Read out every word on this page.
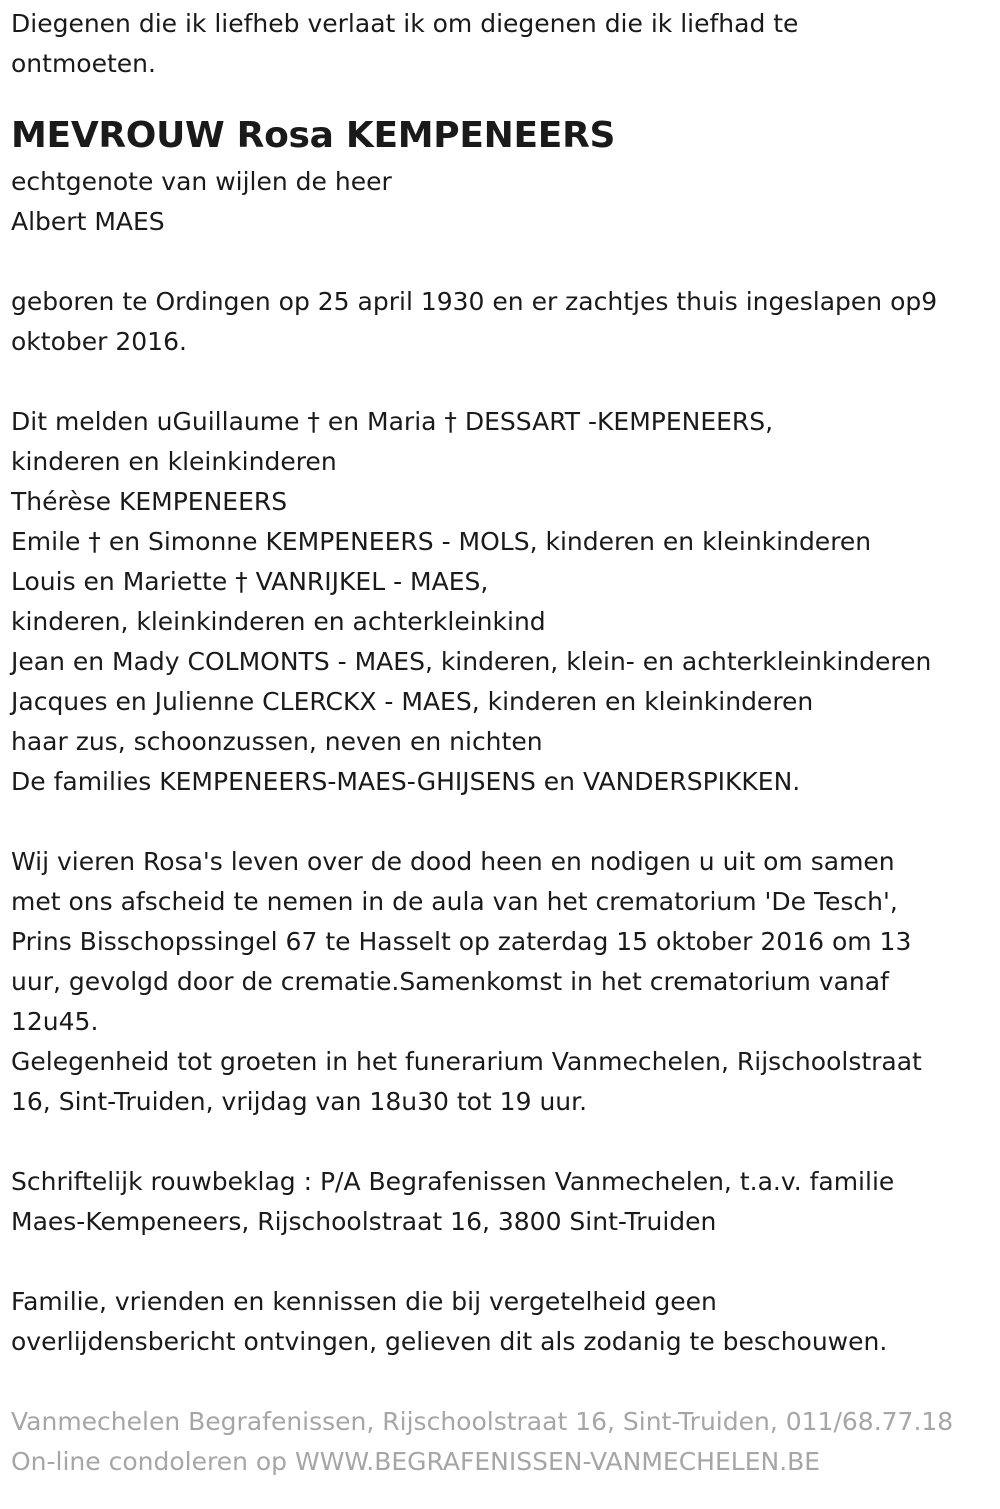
Diegenen die ik liefheb verlaat ik om diegenen die ik liefhad te
ontmoeten.
MEVROUW Rosa KEMPENEERS
echtgenote van wijlen de heer
Albert MAES
geboren te Ordingen op 25 april 1930 en er zachtjes thuis ingeslapen op9
oktober 2016.
Dit melden uGuillaume † en Maria † DESSART -KEMPENEERS,
kinderen en kleinkinderen
Thérèse KEMPENEERS
Emile † en Simonne KEMPENEERS - MOLS, kinderen en kleinkinderen
Louis en Mariette † VANRIJKEL - MAES,
kinderen, kleinkinderen en achterkleinkind
Jean en Mady COLMONTS - MAES, kinderen, klein- en achterkleinkinderen
Jacques en Julienne CLERCKX - MAES, kinderen en kleinkinderen
haar zus, schoonzussen, neven en nichten
De families KEMPENEERS-MAES-GHIJSENS en VANDERSPIKKEN.
Wij vieren Rosa's leven over de dood heen en nodigen u uit om samen
met ons afscheid te nemen in de aula van het crematorium 'De Tesch',
Prins Bisschopssingel 67 te Hasselt op zaterdag 15 oktober 2016 om 13
uur, gevolgd door de crematie.Samenkomst in het crematorium vanaf
12u45.
Gelegenheid tot groeten in het funerarium Vanmechelen, Rijschoolstraat
16, Sint-Truiden, vrijdag van 18u30 tot 19 uur.
Schriftelijk rouwbeklag : P/A Begrafenissen Vanmechelen, t.a.v. familie
Maes-Kempeneers, Rijschoolstraat 16, 3800 Sint-Truiden
Familie, vrienden en kennissen die bij vergetelheid geen
overlijdensbericht ontvingen, gelieven dit als zodanig te beschouwen.
Vanmechelen Begrafenissen, Rijschoolstraat 16, Sint-Truiden, 011/68.77.18
On-line condoleren op WWW.BEGRAFENISSEN-VANMECHELEN.BE
